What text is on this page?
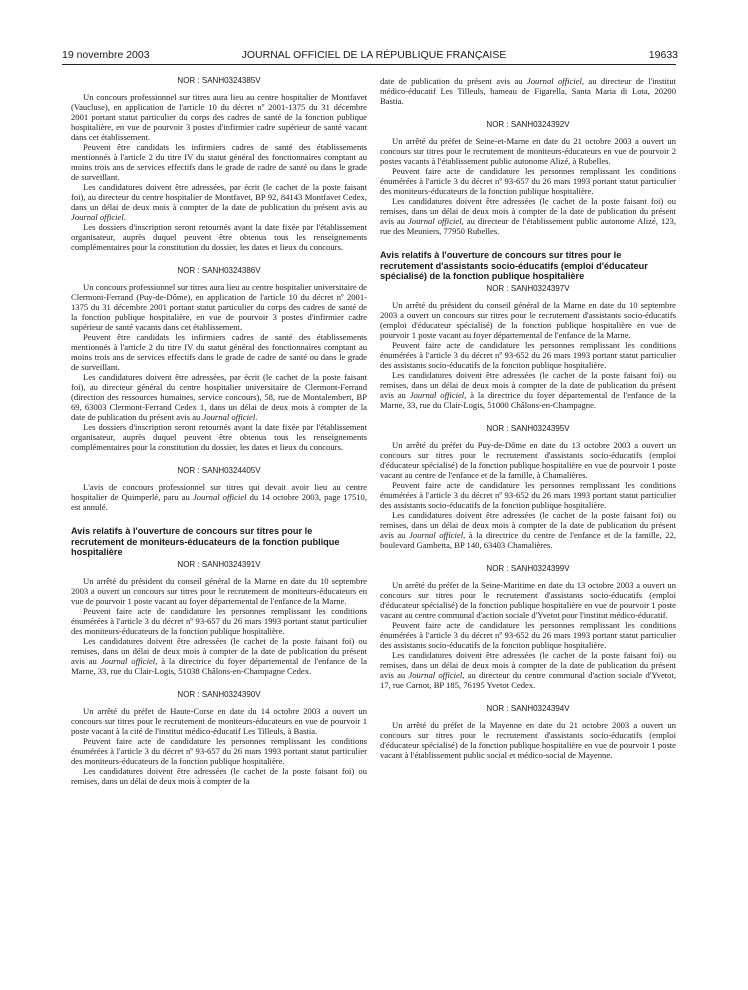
19 novembre 2003	JOURNAL OFFICIEL DE LA RÉPUBLIQUE FRANÇAISE	19633

NOR : SANH0324385V

Un concours professionnel sur titres aura lieu au centre hospitalier de Montfavet (Vaucluse), en application de l'article 10 du décret nº 2001-1375 du 31 décembre 2001 portant statut particulier du corps des cadres de santé de la fonction publique hospitalière, en vue de pourvoir 3 postes d'infirmier cadre supérieur de santé vacant dans cet établissement.

Peuvent être candidats les infirmiers cadres de santé des établissements mentionnés à l'article 2 du titre IV du statut général des fonctionnaires comptant au moins trois ans de services effectifs dans le grade de cadre de santé ou dans le grade de surveillant.

Les candidatures doivent être adressées, par écrit (le cachet de la poste faisant foi), au directeur du centre hospitalier de Montfavet, BP 92, 84143 Montfavet Cedex, dans un délai de deux mois à compter de la date de publication du présent avis au Journal officiel.

Les dossiers d'inscription seront retournés avant la date fixée par l'établissement organisateur, auprès duquel peuvent être obtenus tous les renseignements complémentaires pour la constitution du dossier, les dates et lieux du concours.

NOR : SANH0324386V

Un concours professionnel sur titres aura lieu au centre hospitalier universitaire de Clermont-Ferrand (Puy-de-Dôme), en application de l'article 10 du décret nº 2001-1375 du 31 décembre 2001 portant statut particulier du corps des cadres de santé de la fonction publique hospitalière, en vue de pourvoir 3 postes d'infirmier cadre supérieur de santé vacants dans cet établissement.

Peuvent être candidats les infirmiers cadres de santé des établissements mentionnés à l'article 2 du titre IV du statut général des fonctionnaires comptant au moins trois ans de services effectifs dans le grade de cadre de santé ou dans le grade de surveillant.

Les candidatures doivent être adressées, par écrit (le cachet de la poste faisant foi), au directeur général du centre hospitalier universitaire de Clermont-Ferrand (direction des ressources humaines, service concours), 58, rue de Montalembert, BP 69, 63003 Clermont-Ferrand Cedex 1, dans un délai de deux mois à compter de la date de publication du présent avis au Journal officiel.

Les dossiers d'inscription seront retournés avant la date fixée par l'établissement organisateur, auprès duquel peuvent être obtenus tous les renseignements complémentaires pour la constitution du dossier, les dates et lieux du concours.

NOR : SANH0324405V

L'avis de concours professionnel sur titres qui devait avoir lieu au centre hospitalier de Quimperlé, paru au Journal officiel du 14 octobre 2003, page 17510, est annulé.

Avis relatifs à l'ouverture de concours sur titres pour le recrutement de moniteurs-éducateurs de la fonction publique hospitalière

NOR : SANH0324391V

Un arrêté du président du conseil général de la Marne en date du 10 septembre 2003 a ouvert un concours sur titres pour le recrutement de moniteurs-éducateurs en vue de pourvoir 1 poste vacant au foyer départemental de l'enfance de la Marne.

Peuvent faire acte de candidature les personnes remplissant les conditions énumérées à l'article 3 du décret nº 93-657 du 26 mars 1993 portant statut particulier des moniteurs-éducateurs de la fonction publique hospitalière.

Les candidatures doivent être adressées (le cachet de la poste faisant foi) ou remises, dans un délai de deux mois à compter de la date de publication du présent avis au Journal officiel, à la directrice du foyer départemental de l'enfance de la Marne, 33, rue du Clair-Logis, 51038 Châlons-en-Champagne Cedex.

NOR : SANH0324390V

Un arrêté du préfet de Haute-Corse en date du 14 octobre 2003 a ouvert un concours sur titres pour le recrutement de moniteurs-éducateurs en vue de pourvoir 1 poste vacant à la cité de l'institut médico-éducatif Les Tilleuls, à Bastia.

Peuvent faire acte de candidature les personnes remplissant les conditions énumérées à l'article 3 du décret nº 93-657 du 26 mars 1993 portant statut particulier des moniteurs-éducateurs de la fonction publique hospitalière.

Les candidatures doivent être adressées (le cachet de la poste faisant foi) ou remises, dans un délai de deux mois à compter de la

date de publication du présent avis au Journal officiel, au directeur de l'institut médico-éducatif Les Tilleuls, hameau de Figarella, Santa Maria di Lota, 20200 Bastia.

NOR : SANH0324392V

Un arrêté du préfet de Seine-et-Marne en date du 21 octobre 2003 a ouvert un concours sur titres pour le recrutement de moniteurs-éducateurs en vue de pourvoir 2 postes vacants à l'établissement public autonome Alizé, à Rubelles.

Peuvent faire acte de candidature les personnes remplissant les conditions énumérées à l'article 3 du décret nº 93-657 du 26 mars 1993 portant statut particulier des moniteurs-éducateurs de la fonction publique hospitalière.

Les candidatures doivent être adressées (le cachet de la poste faisant foi) ou remises, dans un délai de deux mois à compter de la date de publication du présent avis au Journal officiel, au directeur de l'établissement public autonome Alizé, 123, rue des Meuniers, 77950 Rubelles.

Avis relatifs à l'ouverture de concours sur titres pour le recrutement d'assistants socio-éducatifs (emploi d'éducateur spécialisé) de la fonction publique hospitalière

NOR : SANH0324397V

Un arrêté du président du conseil général de la Marne en date du 10 septembre 2003 a ouvert un concours sur titres pour le recrutement d'assistants socio-éducatifs (emploi d'éducateur spécialisé) de la fonction publique hospitalière en vue de pourvoir 1 poste vacant au foyer départemental de l'enfance de la Marne.

Peuvent faire acte de candidature les personnes remplissant les conditions énumérées à l'article 3 du décret nº 93-652 du 26 mars 1993 portant statut particulier des assistants socio-éducatifs de la fonction publique hospitalière.

Les candidatures doivent être adressées (le cachet de la poste faisant foi) ou remises, dans un délai de deux mois à compter de la date de publication du présent avis au Journal officiel, à la directrice du foyer départemental de l'enfance de la Marne, 33, rue du Clair-Logis, 51000 Châlons-en-Champagne.

NOR : SANH0324395V

Un arrêté du préfet du Puy-de-Dôme en date du 13 octobre 2003 a ouvert un concours sur titres pour le recrutement d'assistants socio-éducatifs (emploi d'éducateur spécialisé) de la fonction publique hospitalière en vue de pourvoir 1 poste vacant au centre de l'enfance et de la famille, à Chamalières.

Peuvent faire acte de candidature les personnes remplissant les conditions énumérées à l'article 3 du décret nº 93-652 du 26 mars 1993 portant statut particulier des assistants socio-éducatifs de la fonction publique hospitalière.

Les candidatures doivent être adressées (le cachet de la poste faisant foi) ou remises, dans un délai de deux mois à compter de la date de publication du présent avis au Journal officiel, à la directrice du centre de l'enfance et de la famille, 22, boulevard Gambetta, BP 140, 63403 Chamalières.

NOR : SANH0324399V

Un arrêté du préfet de la Seine-Maritime en date du 13 octobre 2003 a ouvert un concours sur titres pour le recrutement d'assistants socio-éducatifs (emploi d'éducateur spécialisé) de la fonction publique hospitalière en vue de pourvoir 1 poste vacant au centre communal d'action sociale d'Yvetot pour l'institut médico-éducatif.

Peuvent faire acte de candidature les personnes remplissant les conditions énumérées à l'article 3 du décret nº 93-652 du 26 mars 1993 portant statut particulier des assistants socio-éducatifs de la fonction publique hospitalière.

Les candidatures doivent être adressées (le cachet de la poste faisant foi) ou remises, dans un délai de deux mois à compter de la date de publication du présent avis au Journal officiel, au directeur du centre communal d'action sociale d'Yvetot, 17, rue Carnot, BP 185, 76195 Yvetot Cedex.

NOR : SANH0324394V

Un arrêté du préfet de la Mayenne en date du 21 octobre 2003 a ouvert un concours sur titres pour le recrutement d'assistants socio-éducatifs (emploi d'éducateur spécialisé) de la fonction publique hospitalière en vue de pourvoir 1 poste vacant à l'établissement public social et médico-social de Mayenne.
